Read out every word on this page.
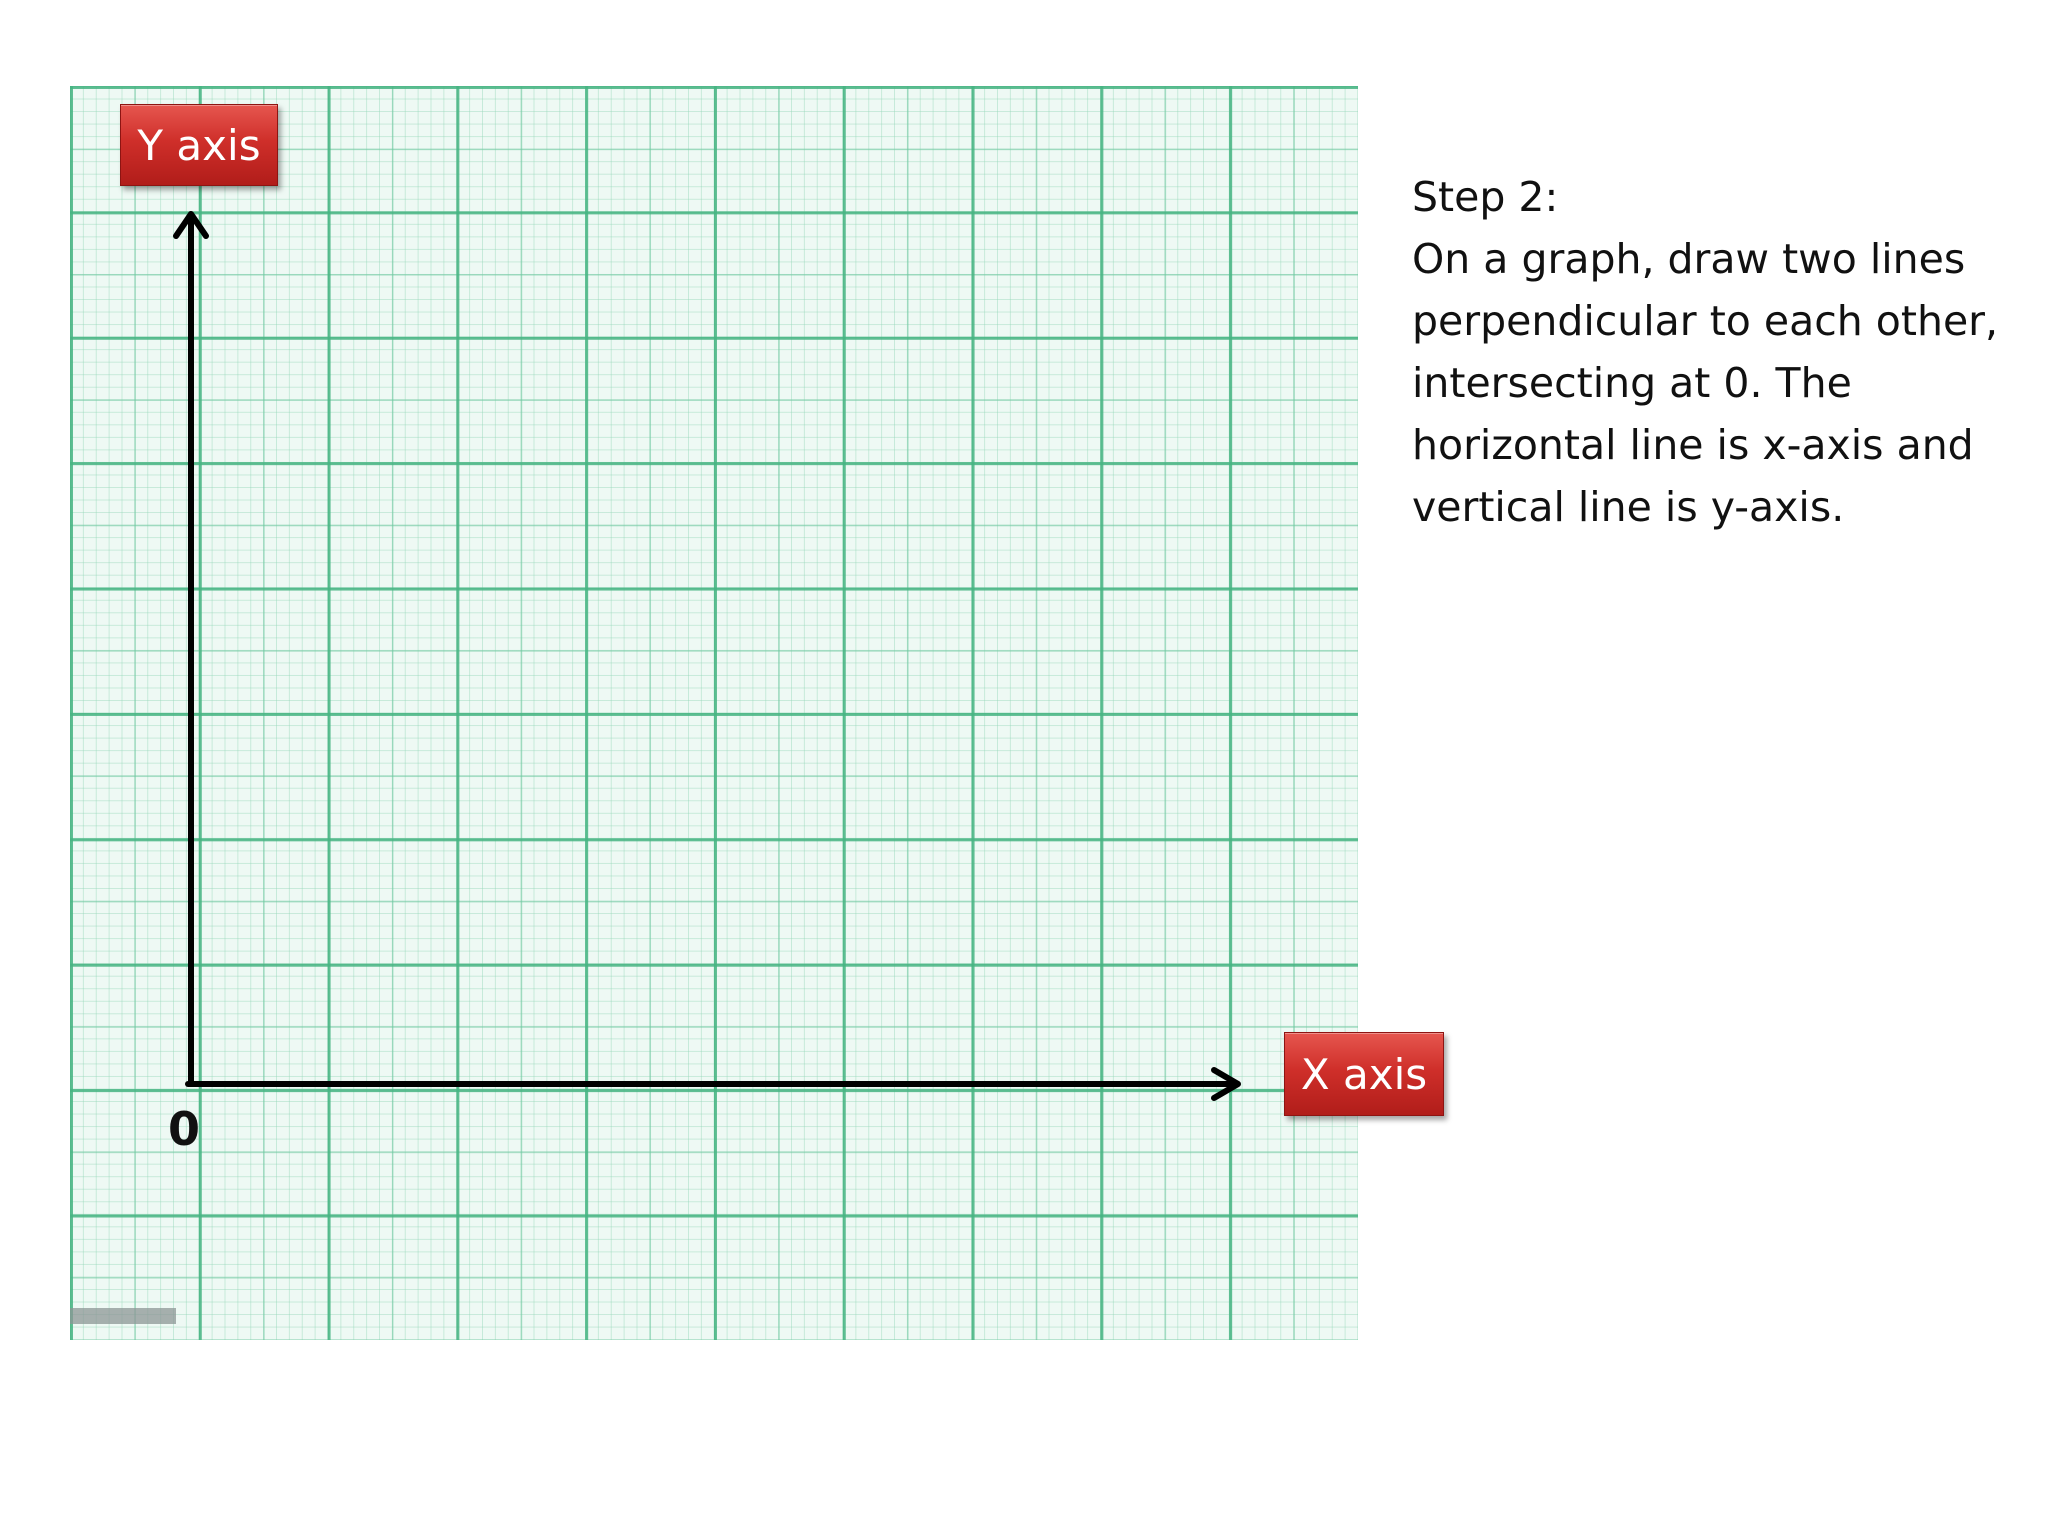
Y axis
X axis
0
Step 2:
On a graph, draw two lines perpendicular to each other, intersecting at 0. The horizontal line is x-axis and vertical line is y-axis.
